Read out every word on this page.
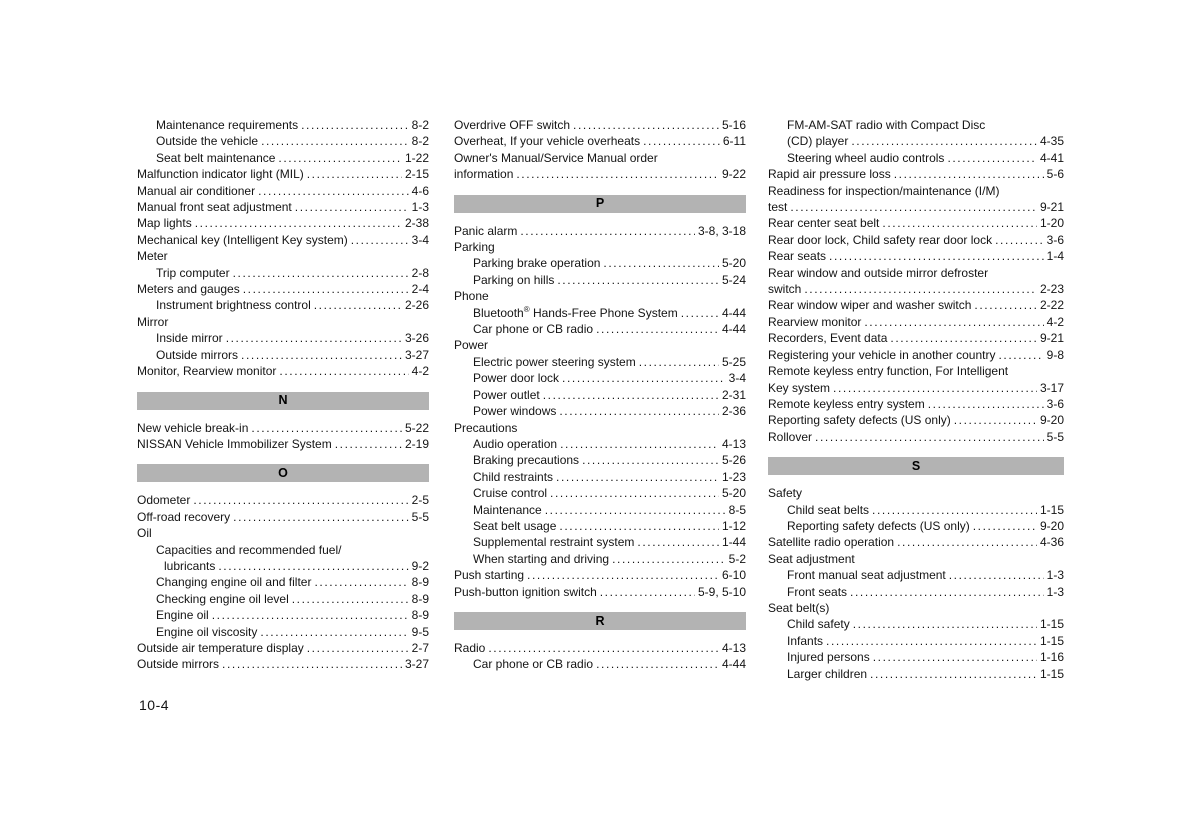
Maintenance requirements .....	8-2
Outside the vehicle .....	8-2
Seat belt maintenance .....	1-22
Malfunction indicator light (MIL) .....	2-15
Manual air conditioner .....	4-6
Manual front seat adjustment .....	1-3
Map lights .....	2-38
Mechanical key (Intelligent Key system) .....	3-4
Meter
Trip computer .....	2-8
Meters and gauges .....	2-4
Instrument brightness control .....	2-26
Mirror
Inside mirror .....	3-26
Outside mirrors .....	3-27
Monitor, Rearview monitor .....	4-2
N
New vehicle break-in .....	5-22
NISSAN Vehicle Immobilizer System .....	2-19
O
Odometer .....	2-5
Off-road recovery .....	5-5
Oil
Capacities and recommended fuel/
lubricants .....	9-2
Changing engine oil and filter .....	8-9
Checking engine oil level .....	8-9
Engine oil .....	8-9
Engine oil viscosity .....	9-5
Outside air temperature display .....	2-7
Outside mirrors .....	3-27
Overdrive OFF switch .....	5-16
Overheat, If your vehicle overheats .....	6-11
Owner's Manual/Service Manual order
information .....	9-22
P
Panic alarm .....	3-8, 3-18
Parking
Parking brake operation .....	5-20
Parking on hills .....	5-24
Phone
Bluetooth® Hands-Free Phone System .....	4-44
Car phone or CB radio .....	4-44
Power
Electric power steering system .....	5-25
Power door lock .....	3-4
Power outlet .....	2-31
Power windows .....	2-36
Precautions
Audio operation .....	4-13
Braking precautions .....	5-26
Child restraints .....	1-23
Cruise control .....	5-20
Maintenance .....	8-5
Seat belt usage .....	1-12
Supplemental restraint system .....	1-44
When starting and driving .....	5-2
Push starting .....	6-10
Push-button ignition switch .....	5-9, 5-10
R
Radio .....	4-13
Car phone or CB radio .....	4-44
FM-AM-SAT radio with Compact Disc
(CD) player .....	4-35
Steering wheel audio controls .....	4-41
Rapid air pressure loss .....	5-6
Readiness for inspection/maintenance (I/M)
test .....	9-21
Rear center seat belt .....	1-20
Rear door lock, Child safety rear door lock .....	3-6
Rear seats .....	1-4
Rear window and outside mirror defroster
switch .....	2-23
Rear window wiper and washer switch .....	2-22
Rearview monitor .....	4-2
Recorders, Event data .....	9-21
Registering your vehicle in another country .....	9-8
Remote keyless entry function, For Intelligent
Key system .....	3-17
Remote keyless entry system .....	3-6
Reporting safety defects (US only) .....	9-20
Rollover .....	5-5
S
Safety
Child seat belts .....	1-15
Reporting safety defects (US only) .....	9-20
Satellite radio operation .....	4-36
Seat adjustment
Front manual seat adjustment .....	1-3
Front seats .....	1-3
Seat belt(s)
Child safety .....	1-15
Infants .....	1-15
Injured persons .....	1-16
Larger children .....	1-15
10-4
